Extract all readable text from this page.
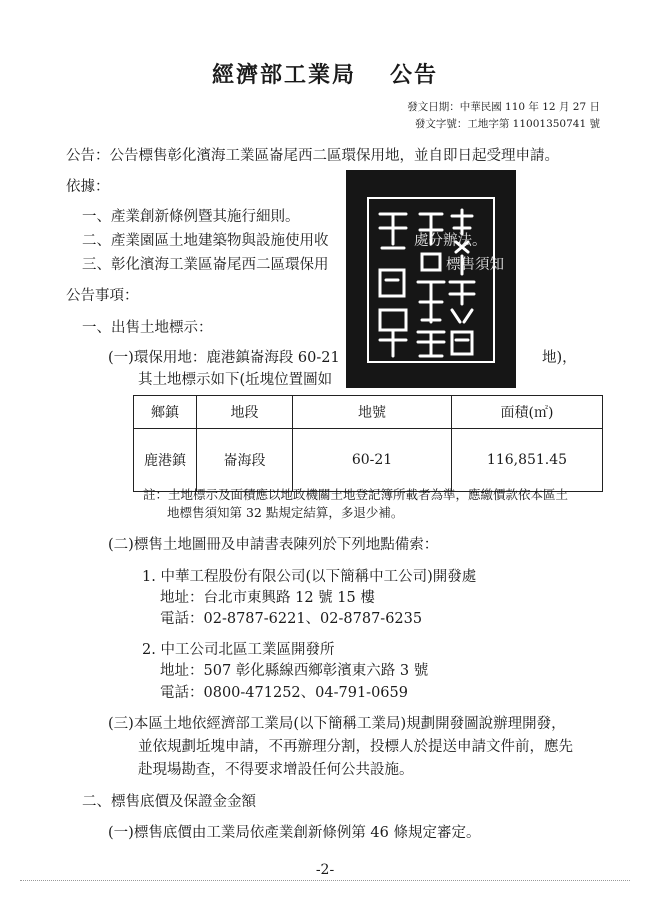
經濟部工業局 公告
發文日期：中華民國 110 年 12 月 27 日
發文字號：工地字第 11001350741 號
公告：公告標售彰化濱海工業區崙尾西二區環保用地，並自即日起受理申請。
依據：
一、產業創新條例暨其施行細則。
二、產業園區土地建築物與設施使用收
三、彰化濱海工業區崙尾西二區環保用
公告事項：
一、出售土地標示：
(一)環保用地：鹿港鎮崙海段 60-21	地)，
其土地標示如下(坵塊位置圖如
鄉鎮	地段	地號	面積(㎡)
鹿港鎮	崙海段	60-21	116,851.45
註：土地標示及面積應以地政機關土地登記簿所載者為準，應繳價款依本區土
地標售須知第 32 點規定結算，多退少補。
(二)標售土地圖冊及申請書表陳列於下列地點備索：
1. 中華工程股份有限公司(以下簡稱中工公司)開發處
地址：台北市東興路 12 號 15 樓
電話：02-8787-6221、02-8787-6235
2. 中工公司北區工業區開發所
地址：507 彰化縣線西鄉彰濱東六路 3 號
電話：0800-471252、04-791-0659
(三)本區土地依經濟部工業局(以下簡稱工業局)規劃開發圖說辦理開發，
並依規劃坵塊申請，不再辦理分割，投標人於提送申請文件前，應先
赴現場勘查，不得要求增設任何公共設施。
二、標售底價及保證金金額
(一)標售底價由工業局依產業創新條例第 46 條規定審定。
處分辦法。
標售須知
-2-
